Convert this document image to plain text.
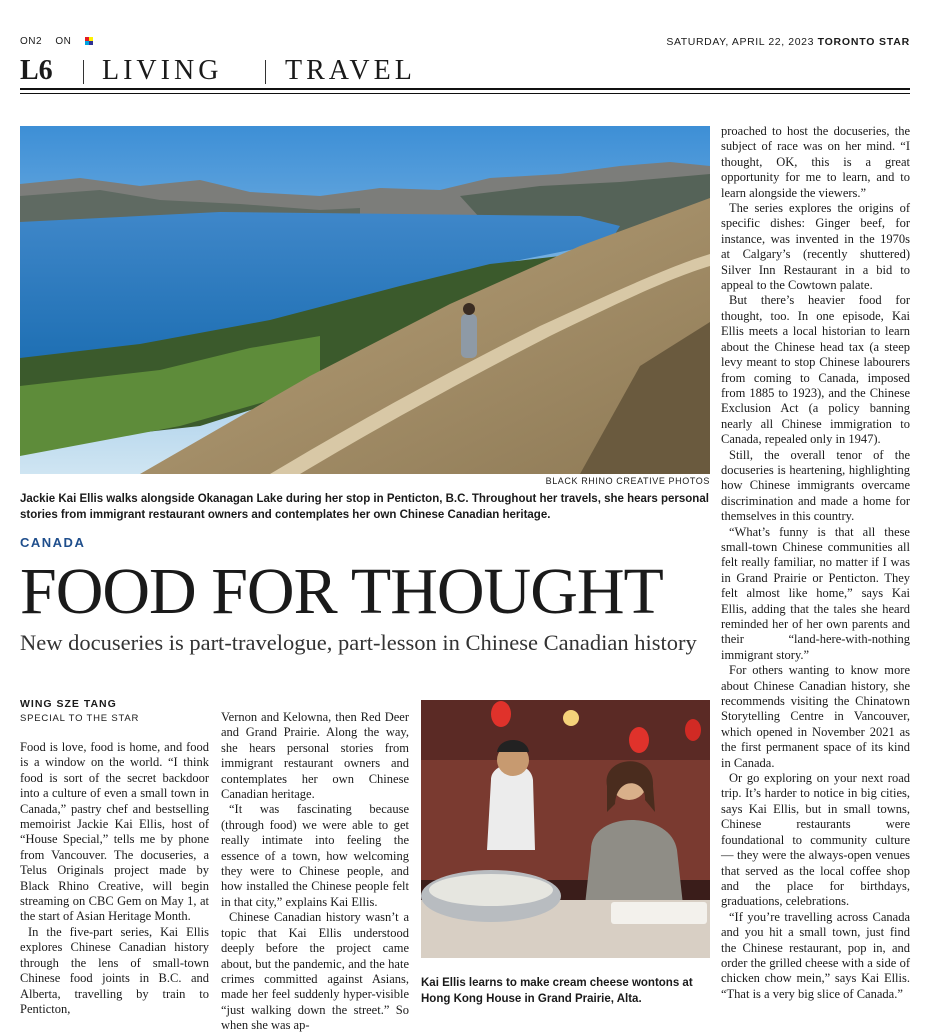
ON2 ON	SATURDAY, APRIL 22, 2023 TORONTO STAR
L6 LIVING TRAVEL
BLACK RHINO CREATIVE PHOTOS
Jackie Kai Ellis walks alongside Okanagan Lake during her stop in Penticton, B.C. Throughout her travels, she hears personal stories from immigrant restaurant owners and contemplates her own Chinese Canadian heritage.
CANADA
FOOD FOR THOUGHT
New docuseries is part-travelogue, part-lesson in Chinese Canadian history
WING SZE TANG
SPECIAL TO THE STAR

Food is love, food is home, and food is a window on the world. “I think food is sort of the secret backdoor into a culture of even a small town in Canada,” pastry chef and bestselling memoirist Jackie Kai Ellis, host of “House Special,” tells me by phone from Vancouver. The docuseries, a Telus Originals project made by Black Rhino Creative, will begin streaming on CBC Gem on May 1, at the start of Asian Heritage Month.

In the five-part series, Kai Ellis explores Chinese Canadian history through the lens of small-town Chinese food joints in B.C. and Alberta, travelling by train to Penticton,

Vernon and Kelowna, then Red Deer and Grand Prairie. Along the way, she hears personal stories from immigrant restaurant owners and contemplates her own Chinese Canadian heritage.

“It was fascinating because (through food) we were able to get really intimate into feeling the essence of a town, how welcoming they were to Chinese people, and how installed the Chinese people felt in that city,” explains Kai Ellis.

Chinese Canadian history wasn’t a topic that Kai Ellis understood deeply before the project came about, but the pandemic, and the hate crimes committed against Asians, made her feel suddenly hyper-visible “just walking down the street.” So when she was ap-

Kai Ellis learns to make cream cheese wontons at Hong Kong House in Grand Prairie, Alta.

proached to host the docuseries, the subject of race was on her mind. “I thought, OK, this is a great opportunity for me to learn, and to learn alongside the viewers.”

The series explores the origins of specific dishes: Ginger beef, for instance, was invented in the 1970s at Calgary’s (recently shuttered) Silver Inn Restaurant in a bid to appeal to the Cowtown palate.

But there’s heavier food for thought, too. In one episode, Kai Ellis meets a local historian to learn about the Chinese head tax (a steep levy meant to stop Chinese labourers from coming to Canada, imposed from 1885 to 1923), and the Chinese Exclusion Act (a policy banning nearly all Chinese immigration to Canada, repealed only in 1947).

Still, the overall tenor of the docuseries is heartening, highlighting how Chinese immigrants overcame discrimination and made a home for themselves in this country.

“What’s funny is that all these small-town Chinese communities all felt really familiar, no matter if I was in Grand Prairie or Penticton. They felt almost like home,” says Kai Ellis, adding that the tales she heard reminded her of her own parents and their “land-here-with-nothing immigrant story.”

For others wanting to know more about Chinese Canadian history, she recommends visiting the Chinatown Storytelling Centre in Vancouver, which opened in November 2021 as the first permanent space of its kind in Canada.

Or go exploring on your next road trip. It’s harder to notice in big cities, says Kai Ellis, but in small towns, Chinese restaurants were foundational to community culture — they were the always-open venues that served as the local coffee shop and the place for birthdays, graduations, celebrations.

“If you’re travelling across Canada and you hit a small town, just find the Chinese restaurant, pop in, and order the grilled cheese with a side of chicken chow mein,” says Kai Ellis. “That is a very big slice of Canada.”
